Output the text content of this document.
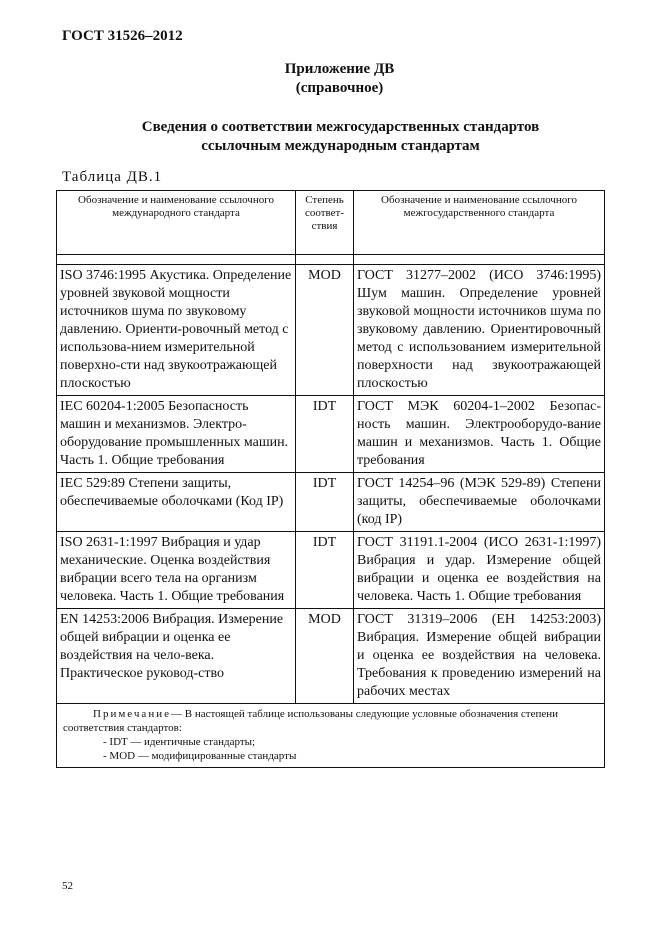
ГОСТ 31526–2012
Приложение ДВ
(справочное)
Сведения о соответствии межгосударственных стандартов
ссылочным международным стандартам
Таблица ДВ.1
Обозначение и наименование ссылочного международного стандарта	Степень соответ-ствия	Обозначение и наименование ссылочного межгосударственного стандарта

ISO 3746:1995 Акустика. Определение уровней звуковой мощности источников шума по звуковому давлению. Ориенти-ровочный метод с использова-нием измерительной поверхно-сти над звукоотражающей плоскостью	MOD	ГОСТ 31277–2002 (ИСО 3746:1995) Шум машин. Определение уровней звуковой мощности источников шума по звуковому давлению. Ориентировочный метод с использованием измерительной поверхности над звукоотражающей плоскостью
IEC 60204-1:2005 Безопасность машин и механизмов. Электро-оборудование промышленных машин. Часть 1. Общие требования	IDT	ГОСТ МЭК 60204-1–2002 Безопас-ность машин. Электрооборудо-вание машин и механизмов. Часть 1. Общие требования
IEC 529:89 Степени защиты, обеспечиваемые оболочками (Код IP)	IDT	ГОСТ 14254–96 (МЭК 529-89) Степени защиты, обеспечиваемые оболочками (код IP)
ISO 2631-1:1997 Вибрация и удар механические. Оценка воздействия вибрации всего тела на организм человека. Часть 1. Общие требования	IDT	ГОСТ 31191.1-2004 (ИСО 2631-1:1997) Вибрация и удар. Измерение общей вибрации и оценка ее воздействия на человека. Часть 1. Общие требования
EN 14253:2006 Вибрация. Измерение общей вибрации и оценка ее воздействия на чело-века. Практическое руковод-ство	MOD	ГОСТ 31319–2006 (ЕН 14253:2003) Вибрация. Измерение общей вибрации и оценка ее воздействия на человека. Требования к проведению измерений на рабочих местах

Примечание— В настоящей таблице использованы следующие условные обозначения степени соответствия стандартов:
- IDT — идентичные стандарты;
- MOD — модифицированные стандарты		
52
